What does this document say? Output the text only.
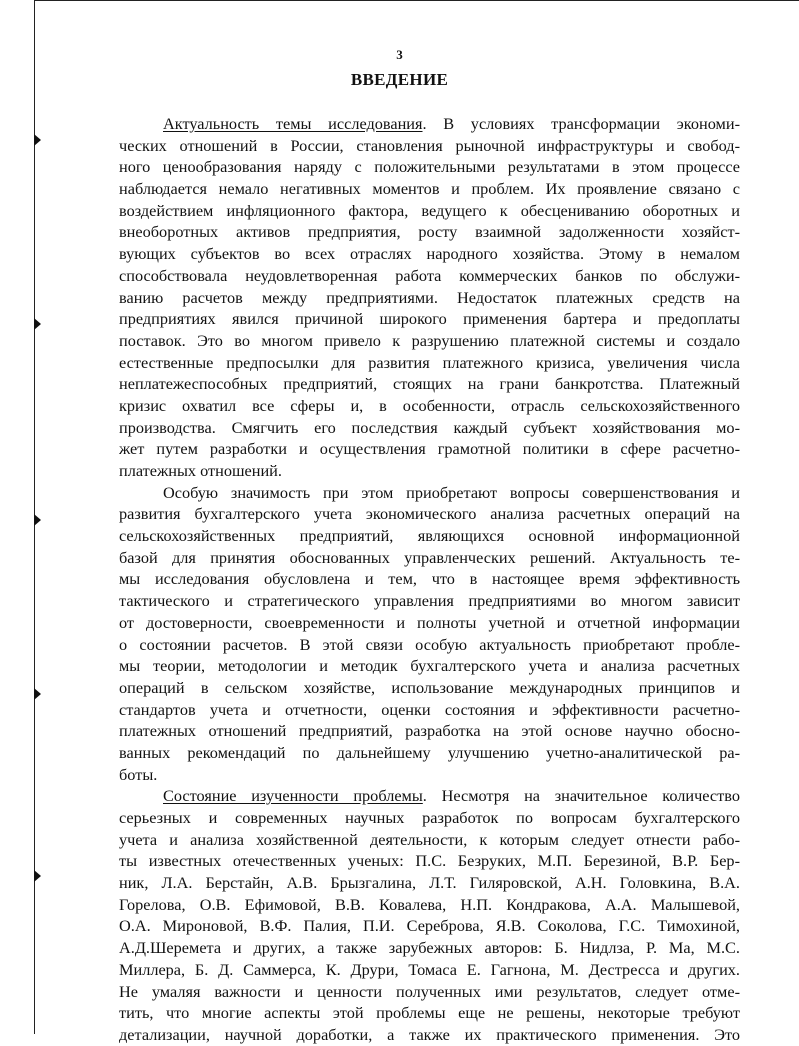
3
ВВЕДЕНИЕ
Актуальность темы исследования. В условиях трансформации экономи-
ческих отношений в России, становления рыночной инфраструктуры и свобод-
ного ценообразования наряду с положительными результатами в этом процессе
наблюдается немало негативных моментов и проблем. Их проявление связано с
воздействием инфляционного фактора, ведущего к обесцениванию оборотных и
внеоборотных активов предприятия, росту взаимной задолженности хозяйст-
вующих субъектов во всех отраслях народного хозяйства. Этому в немалом
способствовала неудовлетворенная работа коммерческих банков по обслужи-
ванию расчетов между предприятиями. Недостаток платежных средств на
предприятиях явился причиной широкого применения бартера и предоплаты
поставок. Это во многом привело к разрушению платежной системы и создало
естественные предпосылки для развития платежного кризиса, увеличения числа
неплатежеспособных предприятий, стоящих на грани банкротства. Платежный
кризис охватил все сферы и, в особенности, отрасль сельскохозяйственного
производства. Смягчить его последствия каждый субъект хозяйствования мо-
жет путем разработки и осуществления грамотной политики в сфере расчетно-
платежных отношений.
Особую значимость при этом приобретают вопросы совершенствования и
развития бухгалтерского учета экономического анализа расчетных операций на
сельскохозяйственных предприятий, являющихся основной информационной
базой для принятия обоснованных управленческих решений. Актуальность те-
мы исследования обусловлена и тем, что в настоящее время эффективность
тактического и стратегического управления предприятиями во многом зависит
от достоверности, своевременности и полноты учетной и отчетной информации
о состоянии расчетов. В этой связи особую актуальность приобретают пробле-
мы теории, методологии и методик бухгалтерского учета и анализа расчетных
операций в сельском хозяйстве, использование международных принципов и
стандартов учета и отчетности, оценки состояния и эффективности расчетно-
платежных отношений предприятий, разработка на этой основе научно обосно-
ванных рекомендаций по дальнейшему улучшению учетно-аналитической ра-
боты.
Состояние изученности проблемы. Несмотря на значительное количество
серьезных и современных научных разработок по вопросам бухгалтерского
учета и анализа хозяйственной деятельности, к которым следует отнести рабо-
ты известных отечественных ученых: П.С. Безруких, М.П. Березиной, В.Р. Бер-
ник, Л.А. Берстайн, А.В. Брызгалина, Л.Т. Гиляровской, А.Н. Головкина, В.А.
Горелова, О.В. Ефимовой, В.В. Ковалева, Н.П. Кондракова, А.А. Малышевой,
О.А. Мироновой, В.Ф. Палия, П.И. Сереброва, Я.В. Соколова, Г.С. Тимохиной,
А.Д.Шеремета и других, а также зарубежных авторов: Б. Нидлза, Р. Ма, М.С.
Миллера, Б. Д. Саммерса, К. Друри, Томаса Е. Гагнона, М. Дестресса и других.
Не умаляя важности и ценности полученных ими результатов, следует отме-
тить, что многие аспекты этой проблемы еще не решены, некоторые требуют
детализации, научной доработки, а также их практического применения. Это
